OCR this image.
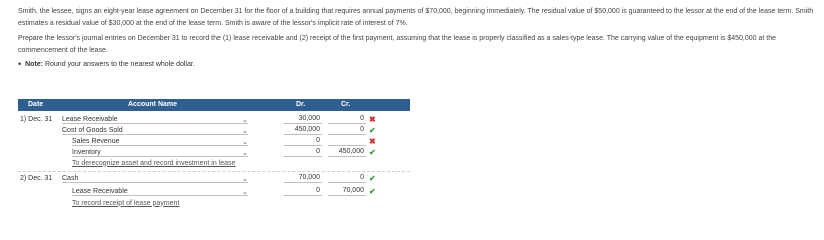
Smith, the lessee, signs an eight-year lease agreement on December 31 for the floor of a building that requires annual payments of $70,000, beginning immediately. The residual value of $50,000 is guaranteed to the lessor at the end of the lease term. Smith estimates a residual value of $30,000 at the end of the lease term. Smith is aware of the lessor's implicit rate of interest of 7%.

Prepare the lessor's journal entries on December 31 to record the (1) lease receivable and (2) receipt of the first payment, assuming that the lease is properly classified as a sales-type lease. The carrying value of the equipment is $450,000 at the commencement of the lease.

• Note: Round your answers to the nearest whole dollar.
Date	Account Name	Dr.	Cr.
1) Dec. 31 Lease Receivable	⌄	30,000	0 ✖
Cost of Goods Sold	⌄	450,000	0 ✔
Sales Revenue	⌄	0	✖
Inventory	⌄	0	450,000 ✔
To derecognize asset and record investment in lease
2) Dec. 31 Cash	⌄	70,000	0 ✔
Lease Receivable	⌄	0	70,000 ✔
To record receipt of lease payment
